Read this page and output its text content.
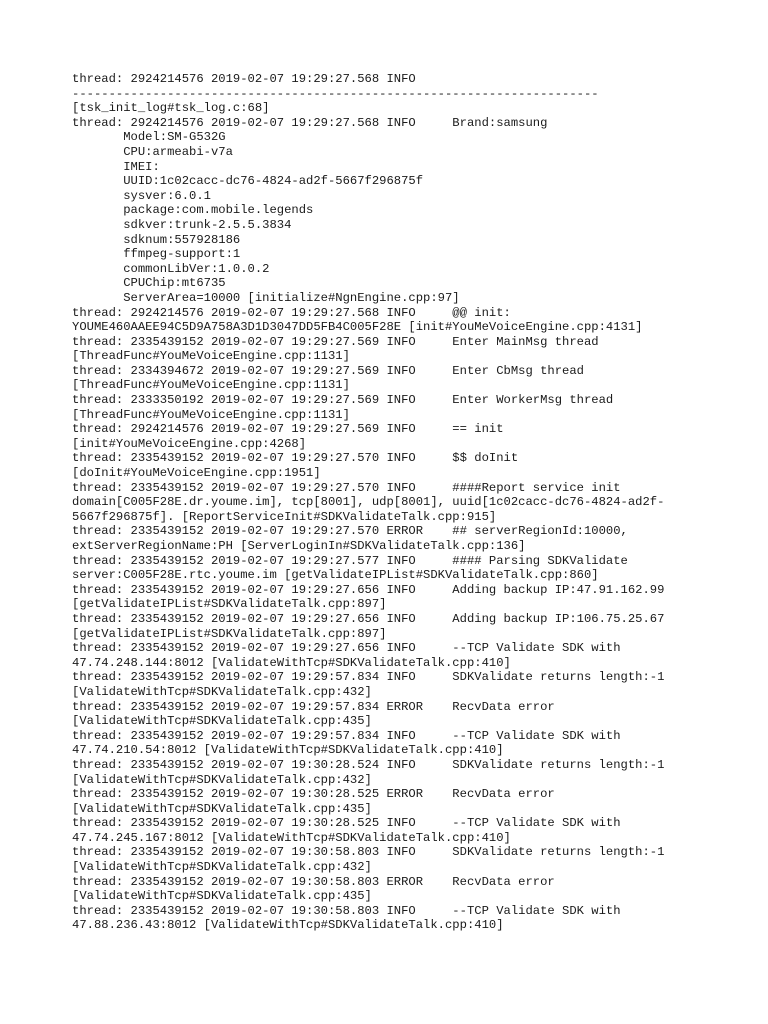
thread: 2924214576 2019-02-07 19:29:27.568 INFO
------------------------------------------------------------------------
[tsk_init_log#tsk_log.c:68]
thread: 2924214576 2019-02-07 19:29:27.568 INFO     Brand:samsung
Model:SM-G532G
CPU:armeabi-v7a
IMEI:
UUID:1c02cacc-dc76-4824-ad2f-5667f296875f
sysver:6.0.1
package:com.mobile.legends
sdkver:trunk-2.5.5.3834
sdknum:557928186
ffmpeg-support:1
commonLibVer:1.0.0.2
CPUChip:mt6735
ServerArea=10000 [initialize#NgnEngine.cpp:97]
thread: 2924214576 2019-02-07 19:29:27.568 INFO     @@ init:
YOUME460AAEE94C5D9A758A3D1D3047DD5FB4C005F28E [init#YouMeVoiceEngine.cpp:4131]
thread: 2335439152 2019-02-07 19:29:27.569 INFO     Enter MainMsg thread
[ThreadFunc#YouMeVoiceEngine.cpp:1131]
thread: 2334394672 2019-02-07 19:29:27.569 INFO     Enter CbMsg thread
[ThreadFunc#YouMeVoiceEngine.cpp:1131]
thread: 2333350192 2019-02-07 19:29:27.569 INFO     Enter WorkerMsg thread
[ThreadFunc#YouMeVoiceEngine.cpp:1131]
thread: 2924214576 2019-02-07 19:29:27.569 INFO     == init
[init#YouMeVoiceEngine.cpp:4268]
thread: 2335439152 2019-02-07 19:29:27.570 INFO     $$ doInit
[doInit#YouMeVoiceEngine.cpp:1951]
thread: 2335439152 2019-02-07 19:29:27.570 INFO     ####Report service init
domain[C005F28E.dr.youme.im], tcp[8001], udp[8001], uuid[1c02cacc-dc76-4824-ad2f-
5667f296875f]. [ReportServiceInit#SDKValidateTalk.cpp:915]
thread: 2335439152 2019-02-07 19:29:27.570 ERROR    ## serverRegionId:10000,
extServerRegionName:PH [ServerLoginIn#SDKValidateTalk.cpp:136]
thread: 2335439152 2019-02-07 19:29:27.577 INFO     #### Parsing SDKValidate
server:C005F28E.rtc.youme.im [getValidateIPList#SDKValidateTalk.cpp:860]
thread: 2335439152 2019-02-07 19:29:27.656 INFO     Adding backup IP:47.91.162.99
[getValidateIPList#SDKValidateTalk.cpp:897]
thread: 2335439152 2019-02-07 19:29:27.656 INFO     Adding backup IP:106.75.25.67
[getValidateIPList#SDKValidateTalk.cpp:897]
thread: 2335439152 2019-02-07 19:29:27.656 INFO     --TCP Validate SDK with
47.74.248.144:8012 [ValidateWithTcp#SDKValidateTalk.cpp:410]
thread: 2335439152 2019-02-07 19:29:57.834 INFO     SDKValidate returns length:-1
[ValidateWithTcp#SDKValidateTalk.cpp:432]
thread: 2335439152 2019-02-07 19:29:57.834 ERROR    RecvData error
[ValidateWithTcp#SDKValidateTalk.cpp:435]
thread: 2335439152 2019-02-07 19:29:57.834 INFO     --TCP Validate SDK with
47.74.210.54:8012 [ValidateWithTcp#SDKValidateTalk.cpp:410]
thread: 2335439152 2019-02-07 19:30:28.524 INFO     SDKValidate returns length:-1
[ValidateWithTcp#SDKValidateTalk.cpp:432]
thread: 2335439152 2019-02-07 19:30:28.525 ERROR    RecvData error
[ValidateWithTcp#SDKValidateTalk.cpp:435]
thread: 2335439152 2019-02-07 19:30:28.525 INFO     --TCP Validate SDK with
47.74.245.167:8012 [ValidateWithTcp#SDKValidateTalk.cpp:410]
thread: 2335439152 2019-02-07 19:30:58.803 INFO     SDKValidate returns length:-1
[ValidateWithTcp#SDKValidateTalk.cpp:432]
thread: 2335439152 2019-02-07 19:30:58.803 ERROR    RecvData error
[ValidateWithTcp#SDKValidateTalk.cpp:435]
thread: 2335439152 2019-02-07 19:30:58.803 INFO     --TCP Validate SDK with
47.88.236.43:8012 [ValidateWithTcp#SDKValidateTalk.cpp:410]
